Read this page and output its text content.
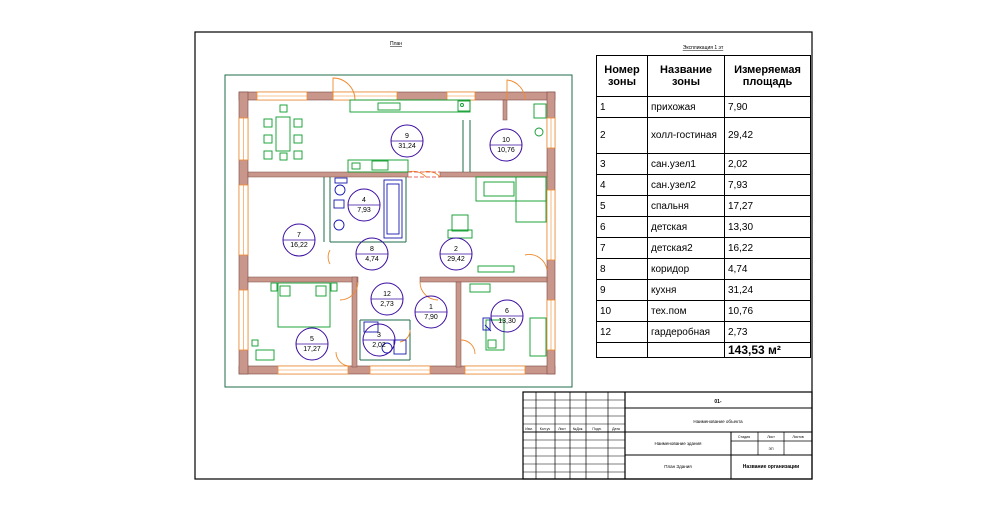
План
9
31,24
10
10,76
4
7,93
7
16,22
8
4,74
2
29,42
12
2,73	1
7,90
6
13,30
5
17,27
3
2,02
Экспликация 1 эт
Изм. Кол.уч Лист №Док.	Подп.	Дата
01-
Наименование объекта
Наименование здания
План Здания
Стадия	Лист	Листов
ЭП
Название организации
Номер зоны	Название зоны	Измеряемая площадь
1	прихожая	7,90
2	холл-гостиная	29,42
3	сан.узел1	2,02
4	сан.узел2	7,93
5	спальня	17,27
6	детская	13,30
7	детская2	16,22
8	коридор	4,74
9	кухня	31,24
10	тех.пом	10,76
12	гардеробная	2,73
		143,53 м²
